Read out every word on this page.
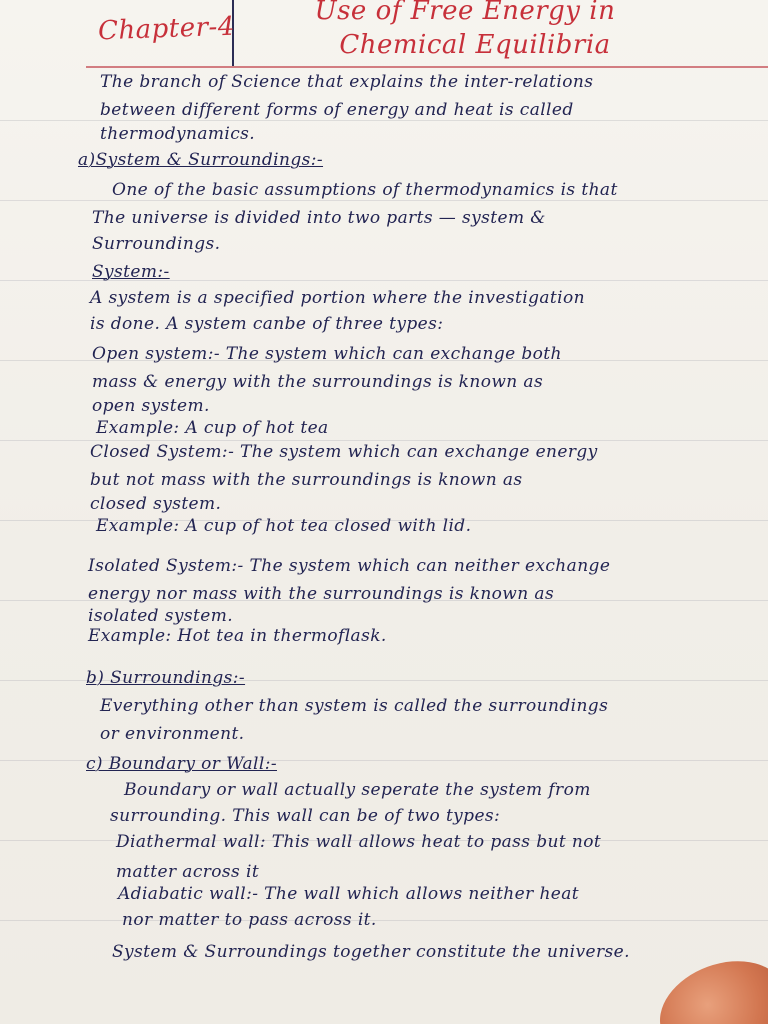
Chapter-4
Use of Free Energy in
Chemical Equilibria
The branch of Science that explains the inter-relations
between different forms of energy and heat is called
thermodynamics.
a)System & Surroundings:-
One of the basic assumptions of thermodynamics is that
The universe is divided into two parts — system &
Surroundings.
System:-
A system is a specified portion where the investigation
is done. A system canbe of three types:
Open system:- The system which can exchange both
mass & energy with the surroundings is known as
open system.
Example: A cup of hot tea
Closed System:- The system which can exchange energy
but not mass with the surroundings is known as
closed system.
Example: A cup of hot tea closed with lid.
Isolated System:- The system which can neither exchange
energy nor mass with the surroundings is known as
isolated system.
Example: Hot tea in thermoflask.
b) Surroundings:-
Everything other than system is called the surroundings
or environment.
c) Boundary or Wall:-
Boundary or wall actually seperate the system from
surrounding. This wall can be of two types:
Diathermal wall: This wall allows heat to pass but not
matter across it
Adiabatic wall:- The wall which allows neither heat
nor matter to pass across it.
System & Surroundings together constitute the universe.
